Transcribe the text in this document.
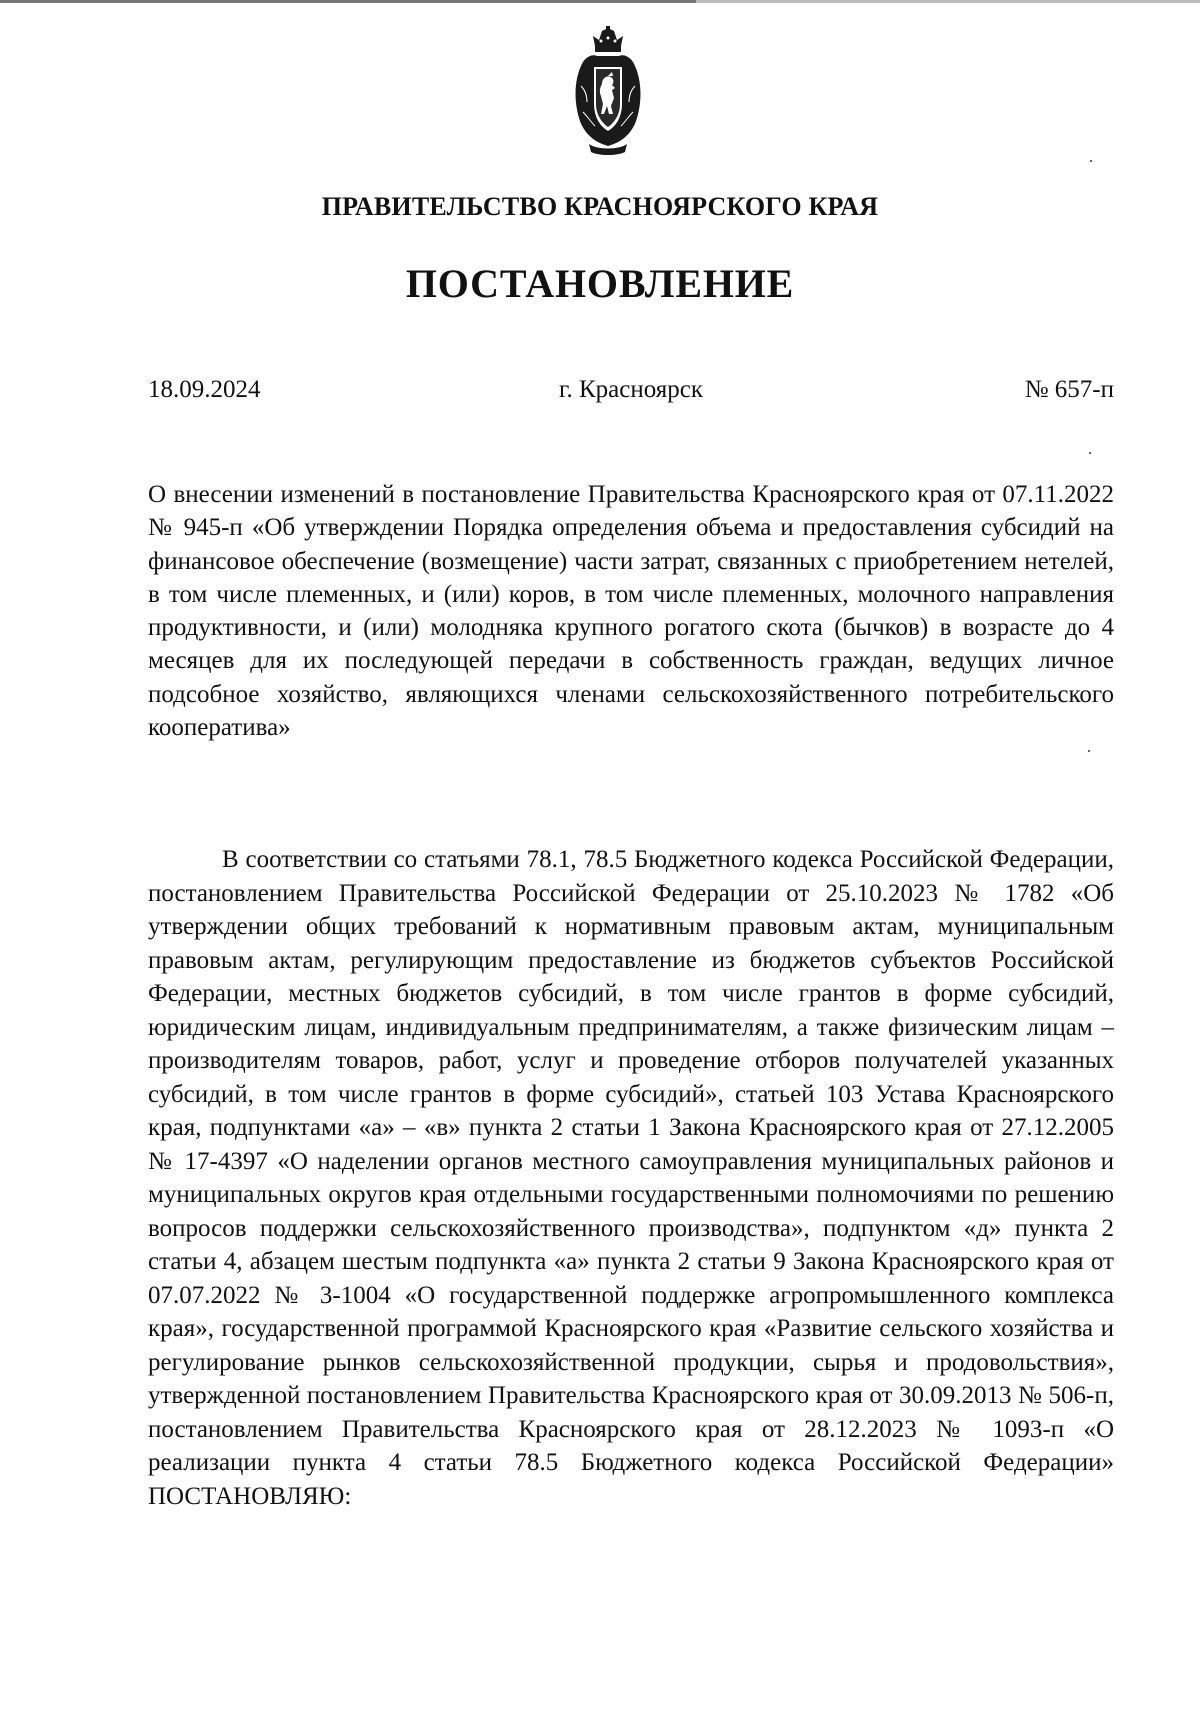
ПРАВИТЕЛЬСТВО КРАСНОЯРСКОГО КРАЯ
ПОСТАНОВЛЕНИЕ
г. Красноярск
18.09.2024	№ 657-п
О внесении изменений в постановление Правительства Красноярского края от 07.11.2022 № 945-п «Об утверждении Порядка определения объема и предоставления субсидий на финансовое обеспечение (возмещение) части затрат, связанных с приобретением нетелей, в том числе племенных, и (или) коров, в том числе племенных, молочного направления продуктивности, и (или) молодняка крупного рогатого скота (бычков) в возрасте до 4 месяцев для их последующей передачи в собственность граждан, ведущих личное подсобное хозяйство, являющихся членами сельскохозяйственного потребительского кооператива»
В соответствии со статьями 78.1, 78.5 Бюджетного кодекса Российской Федерации, постановлением Правительства Российской Федерации от 25.10.2023 № 1782 «Об утверждении общих требований к нормативным правовым актам, муниципальным правовым актам, регулирующим предоставление из бюджетов субъектов Российской Федерации, местных бюджетов субсидий, в том числе грантов в форме субсидий, юридическим лицам, индивидуальным предпринимателям, а также физическим лицам – производителям товаров, работ, услуг и проведение отборов получателей указанных субсидий, в том числе грантов в форме субсидий», статьей 103 Устава Красноярского края, подпунктами «а» – «в» пункта 2 статьи 1 Закона Красноярского края от 27.12.2005 № 17-4397 «О наделении органов местного самоуправления муниципальных районов и муниципальных округов края отдельными государственными полномочиями по решению вопросов поддержки сельскохозяйственного производства», подпунктом «д» пункта 2 статьи 4, абзацем шестым подпункта «а» пункта 2 статьи 9 Закона Красноярского края от 07.07.2022 № 3-1004 «О государственной поддержке агропромышленного комплекса края», государственной программой Красноярского края «Развитие сельского хозяйства и регулирование рынков сельскохозяйственной продукции, сырья и продовольствия», утвержденной постановлением Правительства Красноярского края от 30.09.2013 № 506-п, постановлением Правительства Красноярского края от 28.12.2023 № 1093-п «О реализации пункта 4 статьи 78.5 Бюджетного кодекса Российской Федерации» ПОСТАНОВЛЯЮ:
